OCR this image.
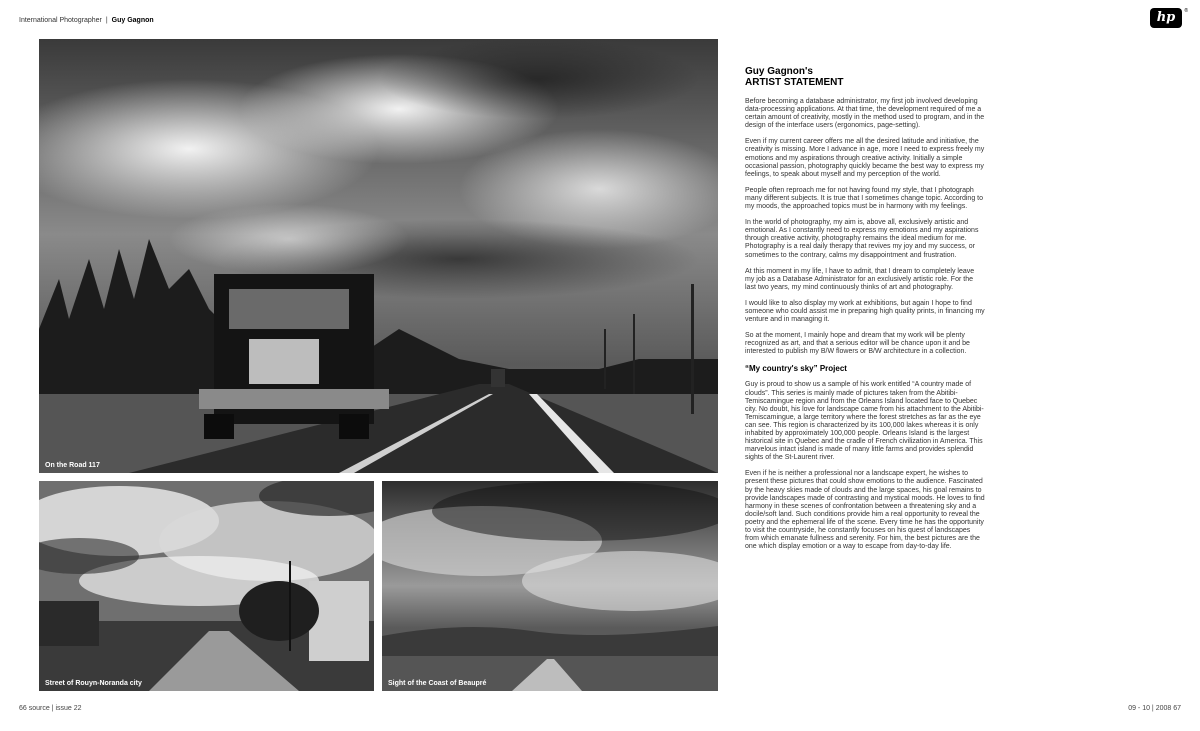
International Photographer | Guy Gagnon	hp	®
On the Road 117
Street of Rouyn-Noranda city	Sight of the Coast of Beaupré
Guy Gagnon's
ARTIST STATEMENT

Before becoming a database administrator, my first job involved developing data-processing applications. At that time, the development required of me a certain amount of creativity, mostly in the method used to program, and in the design of the interface users (ergonomics, page-setting).

Even if my current career offers me all the desired latitude and initiative, the creativity is missing. More I advance in age, more I need to express freely my emotions and my aspirations through creative activity. Initially a simple occasional passion, photography quickly became the best way to express my feelings, to speak about myself and my perception of the world.

People often reproach me for not having found my style, that I photograph many different subjects. It is true that I sometimes change topic. According to my moods, the approached topics must be in harmony with my feelings.

In the world of photography, my aim is, above all, exclusively artistic and emotional. As I constantly need to express my emotions and my aspirations through creative activity, photography remains the ideal medium for me. Photography is a real daily therapy that revives my joy and my success, or sometimes to the contrary, calms my disappointment and frustration.

At this moment in my life, I have to admit, that I dream to completely leave my job as a Database Administrator for an exclusively artistic role. For the last two years, my mind continuously thinks of art and photography.

I would like to also display my work at exhibitions, but again I hope to find someone who could assist me in preparing high quality prints, in financing my venture and in managing it.

So at the moment, I mainly hope and dream that my work will be plenty recognized as art, and that a serious editor will be chance upon it and be interested to publish my B/W flowers or B/W architecture in a collection.

“My country's sky” Project

Guy is proud to show us a sample of his work entitled “A country made of clouds”. This series is mainly made of pictures taken from the Abitibi-Temiscamingue region and from the Orleans Island located face to Quebec city. No doubt, his love for landscape came from his attachment to the Abitibi-Temiscamingue, a large territory where the forest stretches as far as the eye can see. This region is characterized by its 100,000 lakes whereas it is only inhabited by approximately 100,000 people. Orleans Island is the largest historical site in Quebec and the cradle of French civilization in America. This marvelous intact island is made of many little farms and provides splendid sights of the St-Laurent river.

Even if he is neither a professional nor a landscape expert, he wishes to present these pictures that could show emotions to the audience. Fascinated by the heavy skies made of clouds and the large spaces, his goal remains to provide landscapes made of contrasting and mystical moods. He loves to find harmony in these scenes of confrontation between a threatening sky and a docile/soft land. Such conditions provide him a real opportunity to reveal the poetry and the ephemeral life of the scene. Every time he has the opportunity to visit the countryside, he constantly focuses on his quest of landscapes from which emanate fullness and serenity. For him, the best pictures are the one which display emotion or a way to escape from day-to-day life.

66 source | issue 22	09 - 10 | 2008 67
